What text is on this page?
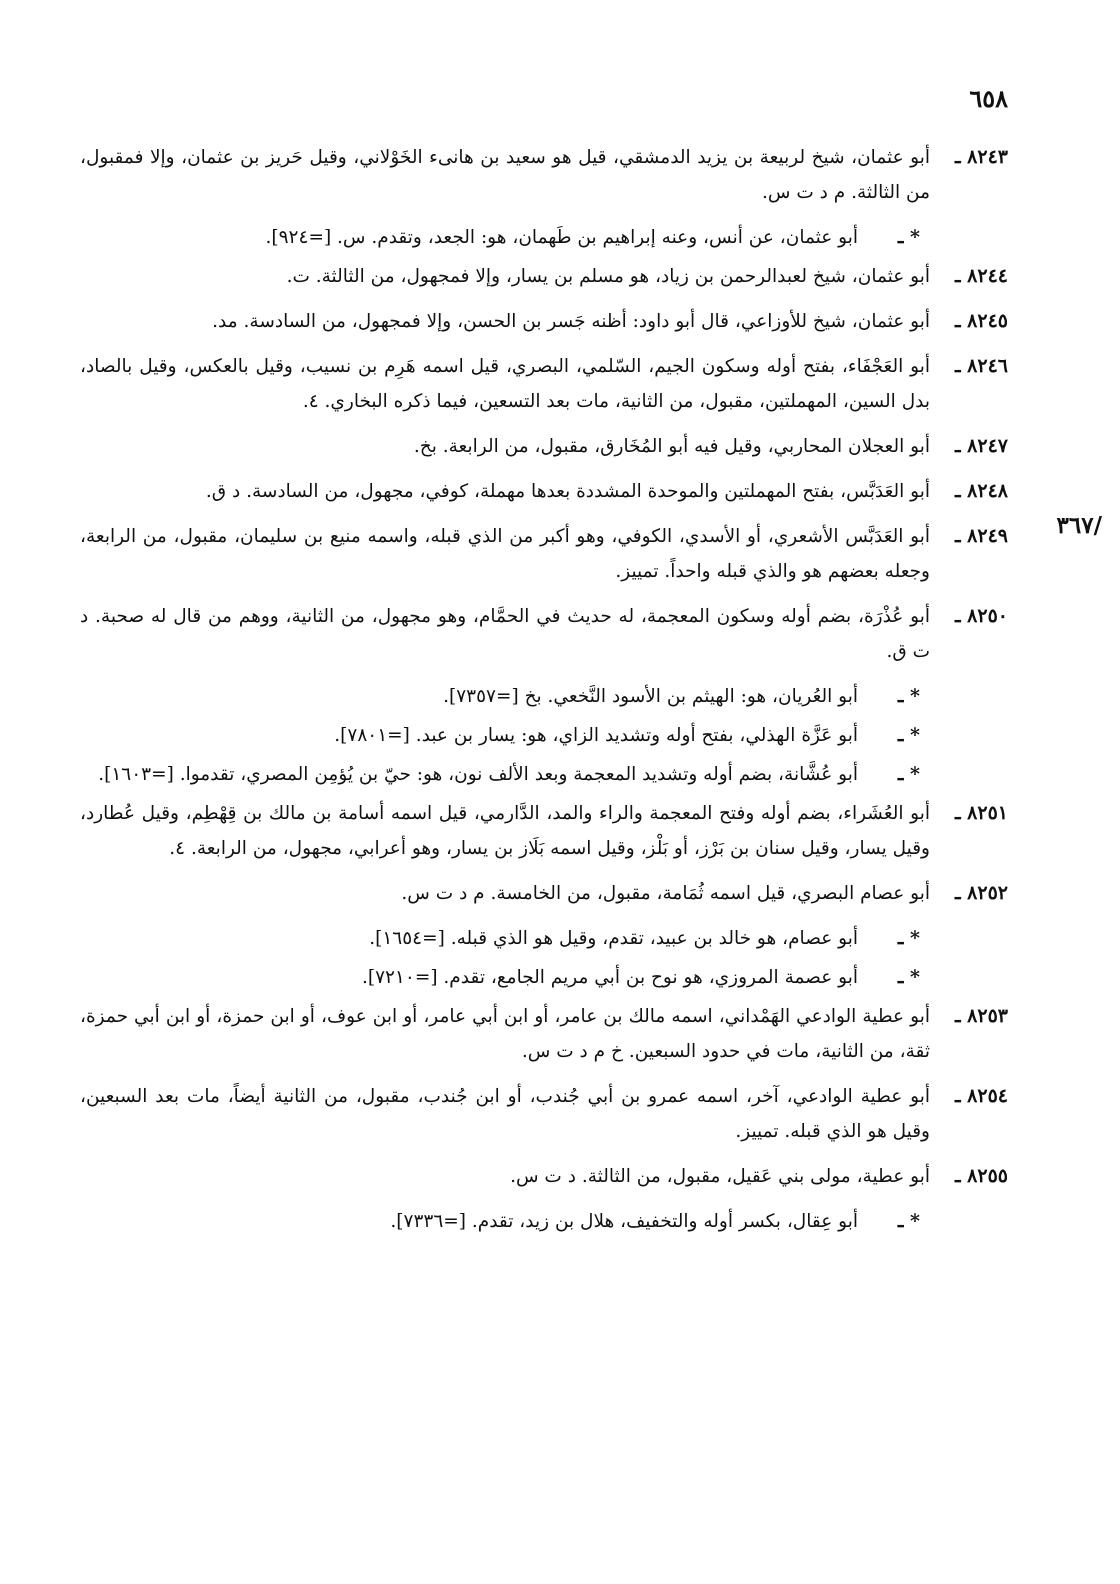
٦٥٨
/٣٦٧
٨٢٤٣ ـ
أبو عثمان، شيخ لربيعة بن يزيد الدمشقي، قيل هو سعيد بن هانىء الخَوْلاني، وقيل حَريز بن عثمان، وإلا فمقبول، من الثالثة. م د ت س.
* ـ
أبو عثمان، عن أنس، وعنه إبراهيم بن طَهمان، هو: الجعد، وتقدم. س. [=٩٢٤].
٨٢٤٤ ـ
أبو عثمان، شيخ لعبدالرحمن بن زياد، هو مسلم بن يسار، وإلا فمجهول، من الثالثة. ت.
٨٢٤٥ ـ
أبو عثمان، شيخ للأوزاعي، قال أبو داود: أظنه جَسر بن الحسن، وإلا فمجهول، من السادسة. مد.
٨٢٤٦ ـ
أبو العَجْفَاء، بفتح أوله وسكون الجيم، السّلمي، البصري، قيل اسمه هَرِم بن نسيب، وقيل بالعكس، وقيل بالصاد، بدل السين، المهملتين، مقبول، من الثانية، مات بعد التسعين، فيما ذكره البخاري. ٤.
٨٢٤٧ ـ
أبو العجلان المحاربي، وقيل فيه أبو المُخَارق، مقبول، من الرابعة. بخ.
٨٢٤٨ ـ
أبو العَدَبَّس، بفتح المهملتين والموحدة المشددة بعدها مهملة، كوفي، مجهول، من السادسة. د ق.
٨٢٤٩ ـ
أبو العَدَبَّس الأشعري، أو الأسدي، الكوفي، وهو أكبر من الذي قبله، واسمه منيع بن سليمان، مقبول، من الرابعة، وجعله بعضهم هو والذي قبله واحداً. تمييز.
٨٢٥٠ ـ
أبو عُذْرَة، بضم أوله وسكون المعجمة، له حديث في الحمَّام، وهو مجهول، من الثانية، ووهم من قال له صحبة. د ت ق.
* ـ
أبو العُريان، هو: الهيثم بن الأسود النَّخعي. بخ [=٧٣٥٧].
* ـ
أبو عَزَّة الهذلي، بفتح أوله وتشديد الزاي، هو: يسار بن عبد. [=٧٨٠١].
* ـ
أبو عُشَّانة، بضم أوله وتشديد المعجمة وبعد الألف نون، هو: حيّ بن يُؤمِن المصري، تقدموا. [=١٦٠٣].
٨٢٥١ ـ
أبو العُشَراء، بضم أوله وفتح المعجمة والراء والمد، الدَّارمي، قيل اسمه أسامة بن مالك بن قِهْطِم، وقيل عُطارد، وقيل يسار، وقيل سنان بن بَرْز، أو بَلْز، وقيل اسمه بَلَاز بن يسار، وهو أعرابي، مجهول، من الرابعة. ٤.
٨٢٥٢ ـ
أبو عصام البصري، قيل اسمه ثُمَامة، مقبول، من الخامسة. م د ت س.
* ـ
أبو عصام، هو خالد بن عبيد، تقدم، وقيل هو الذي قبله. [=١٦٥٤].
* ـ
أبو عصمة المروزي، هو نوح بن أبي مريم الجامع، تقدم. [=٧٢١٠].
٨٢٥٣ ـ
أبو عطية الوادعي الهَمْداني، اسمه مالك بن عامر، أو ابن أبي عامر، أو ابن عوف، أو ابن حمزة، أو ابن أبي حمزة، ثقة، من الثانية، مات في حدود السبعين. خ م د ت س.
٨٢٥٤ ـ
أبو عطية الوادعي، آخر، اسمه عمرو بن أبي جُندب، أو ابن جُندب، مقبول، من الثانية أيضاً، مات بعد السبعين، وقيل هو الذي قبله. تمييز.
٨٢٥٥ ـ
أبو عطية، مولى بني عَقيل، مقبول، من الثالثة. د ت س.
* ـ
أبو عِقال، بكسر أوله والتخفيف، هلال بن زيد، تقدم. [=٧٣٣٦].
